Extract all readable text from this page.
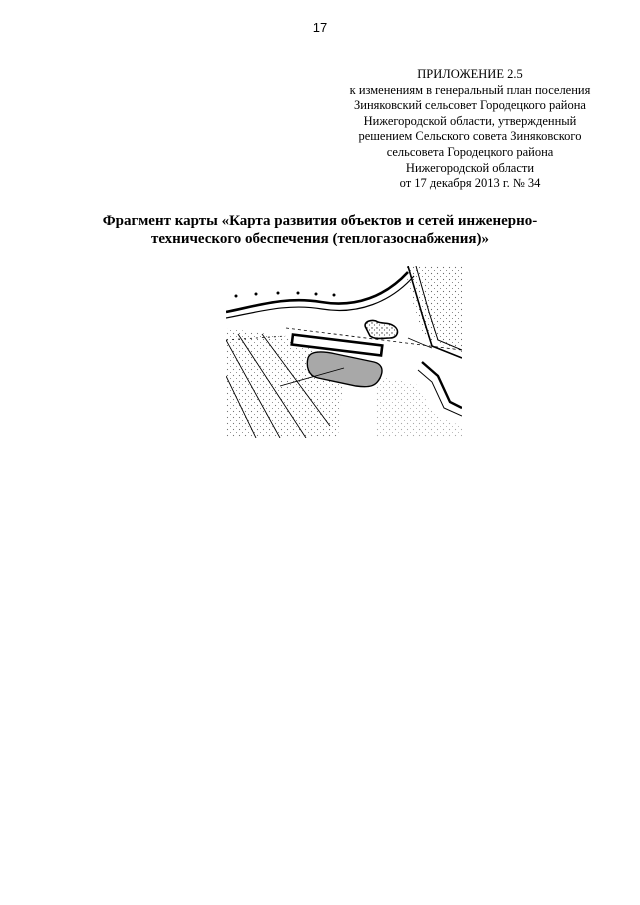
17
ПРИЛОЖЕНИЕ 2.5
к изменениям в генеральный план поселения
Зиняковский сельсовет Городецкого района
Нижегородской области, утвержденный
решением Сельского совета Зиняковского
сельсовета Городецкого района
Нижегородской области
от 17 декабря 2013 г. № 34
Фрагмент карты «Карта развития объектов и сетей инженерно-
технического обеспечения (теплогазоснабжения)»
